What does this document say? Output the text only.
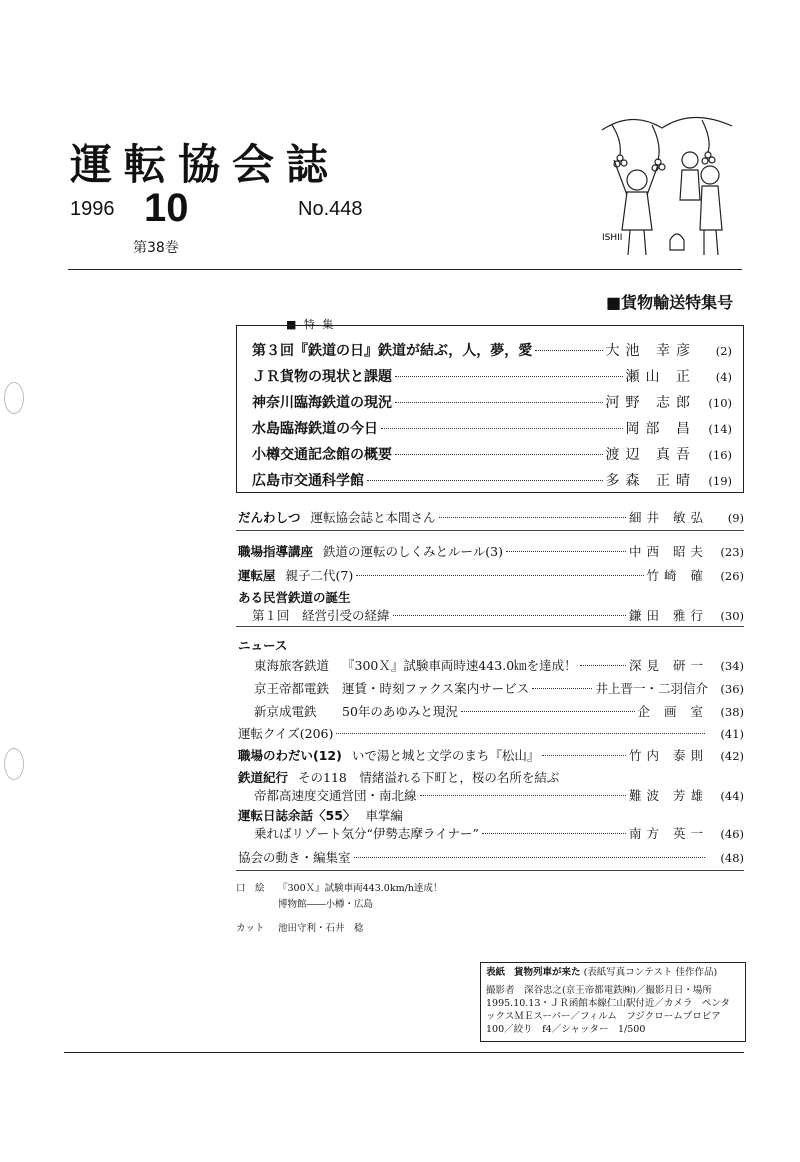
運転協会誌
1996 10
第38巻
No.448
ISHII
■貨物輸送特集号
■ 特 集
第３回『鉄道の日』鉄道が結ぶ，人，夢，愛	大池 幸彦	(2)
ＪＲ貨物の現状と課題	瀬山 正	(4)
神奈川臨海鉄道の現況	河野 志郎	(10)
水島臨海鉄道の今日	岡部 昌	(14)
小樽交通記念館の概要	渡辺 真吾	(16)
広島市交通科学館	多森 正晴	(19)
だんわしつ 運転協会誌と本間さん	細井 敏弘	(9)
職場指導講座 鉄道の運転のしくみとルール(3)	中西 昭夫	(23)
運転屋 親子二代(7)	竹崎 確	(26)
ある民営鉄道の誕生
第１回　経営引受の経緯	鎌田 雅行	(30)
ニュース
東海旅客鉄道	『300Ｘ』試験車両時速443.0㎞を達成！	深見 研一	(34)
京王帝都電鉄	運賃・時刻ファクス案内サービス	井上晋一・二羽信介	(36)
新京成電鉄	50年のあゆみと現況	企 画 室	(38)
運転クイズ(206)	(41)
職場のわだい(12) いで湯と城と文学のまち『松山』	竹内 泰則	(42)
鉄道紀行 その118　情緒溢れる下町と，桜の名所を結ぶ
帝都高速度交通営団・南北線	難波 芳雄	(44)
運転日誌余話〈55〉 車掌編
乗ればリゾート気分“伊勢志摩ライナー”	南方 英一	(46)
協会の動き・編集室	(48)
口　絵 『300Ｘ』試験車両443.0km/h達成！
博物館――小樽・広島
カット 池田守利・石井　稔
表紙 貨物列車が来た (表紙写真コンテスト 佳作作品)
撮影者　深谷忠之(京王帝都電鉄㈱)／撮影月日・場所
1995.10.13・ＪＲ函館本線仁山駅付近／カメラ　ペンタ
ックスＭＥスーパー／フィルム　フジクロームプロビア
100／絞り　f4／シャッター　1/500
